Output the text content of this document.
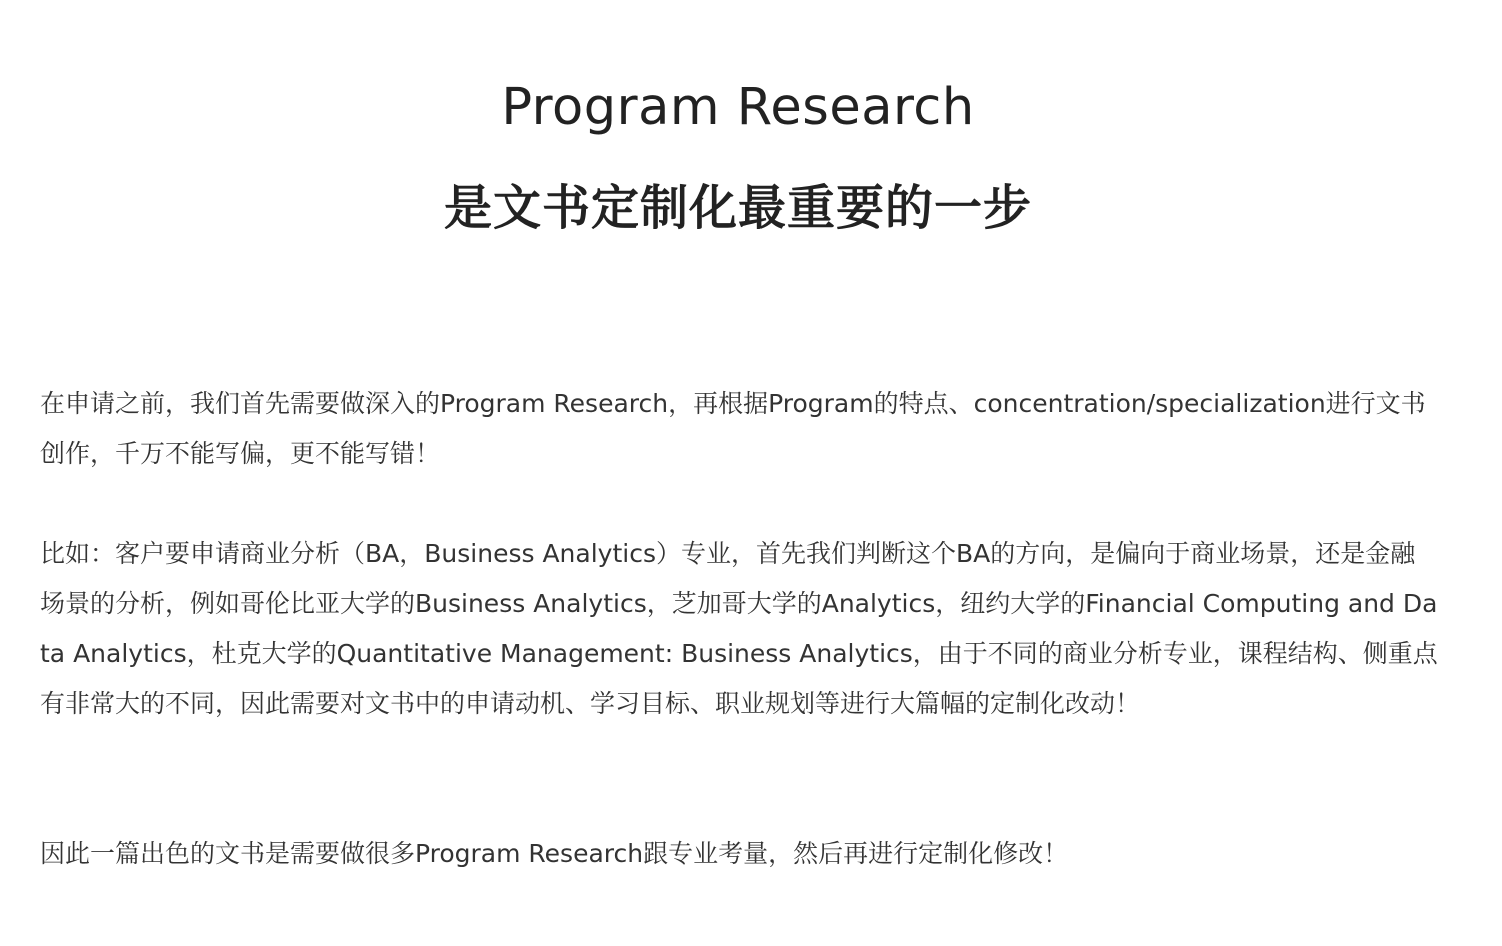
Program Research
是文书定制化最重要的一步

在申请之前，我们首先需要做深入的Program Research，再根据Program的特点、concentration/specialization进行文书创作，千万不能写偏，更不能写错！

比如：客户要申请商业分析（BA，Business Analytics）专业，首先我们判断这个BA的方向，是偏向于商业场景，还是金融场景的分析，例如哥伦比亚大学的Business Analytics，芝加哥大学的Analytics，纽约大学的Financial Computing and Data Analytics，杜克大学的Quantitative Management: Business Analytics，由于不同的商业分析专业，课程结构、侧重点有非常大的不同，因此需要对文书中的申请动机、学习目标、职业规划等进行大篇幅的定制化改动！

因此一篇出色的文书是需要做很多Program Research跟专业考量，然后再进行定制化修改！
